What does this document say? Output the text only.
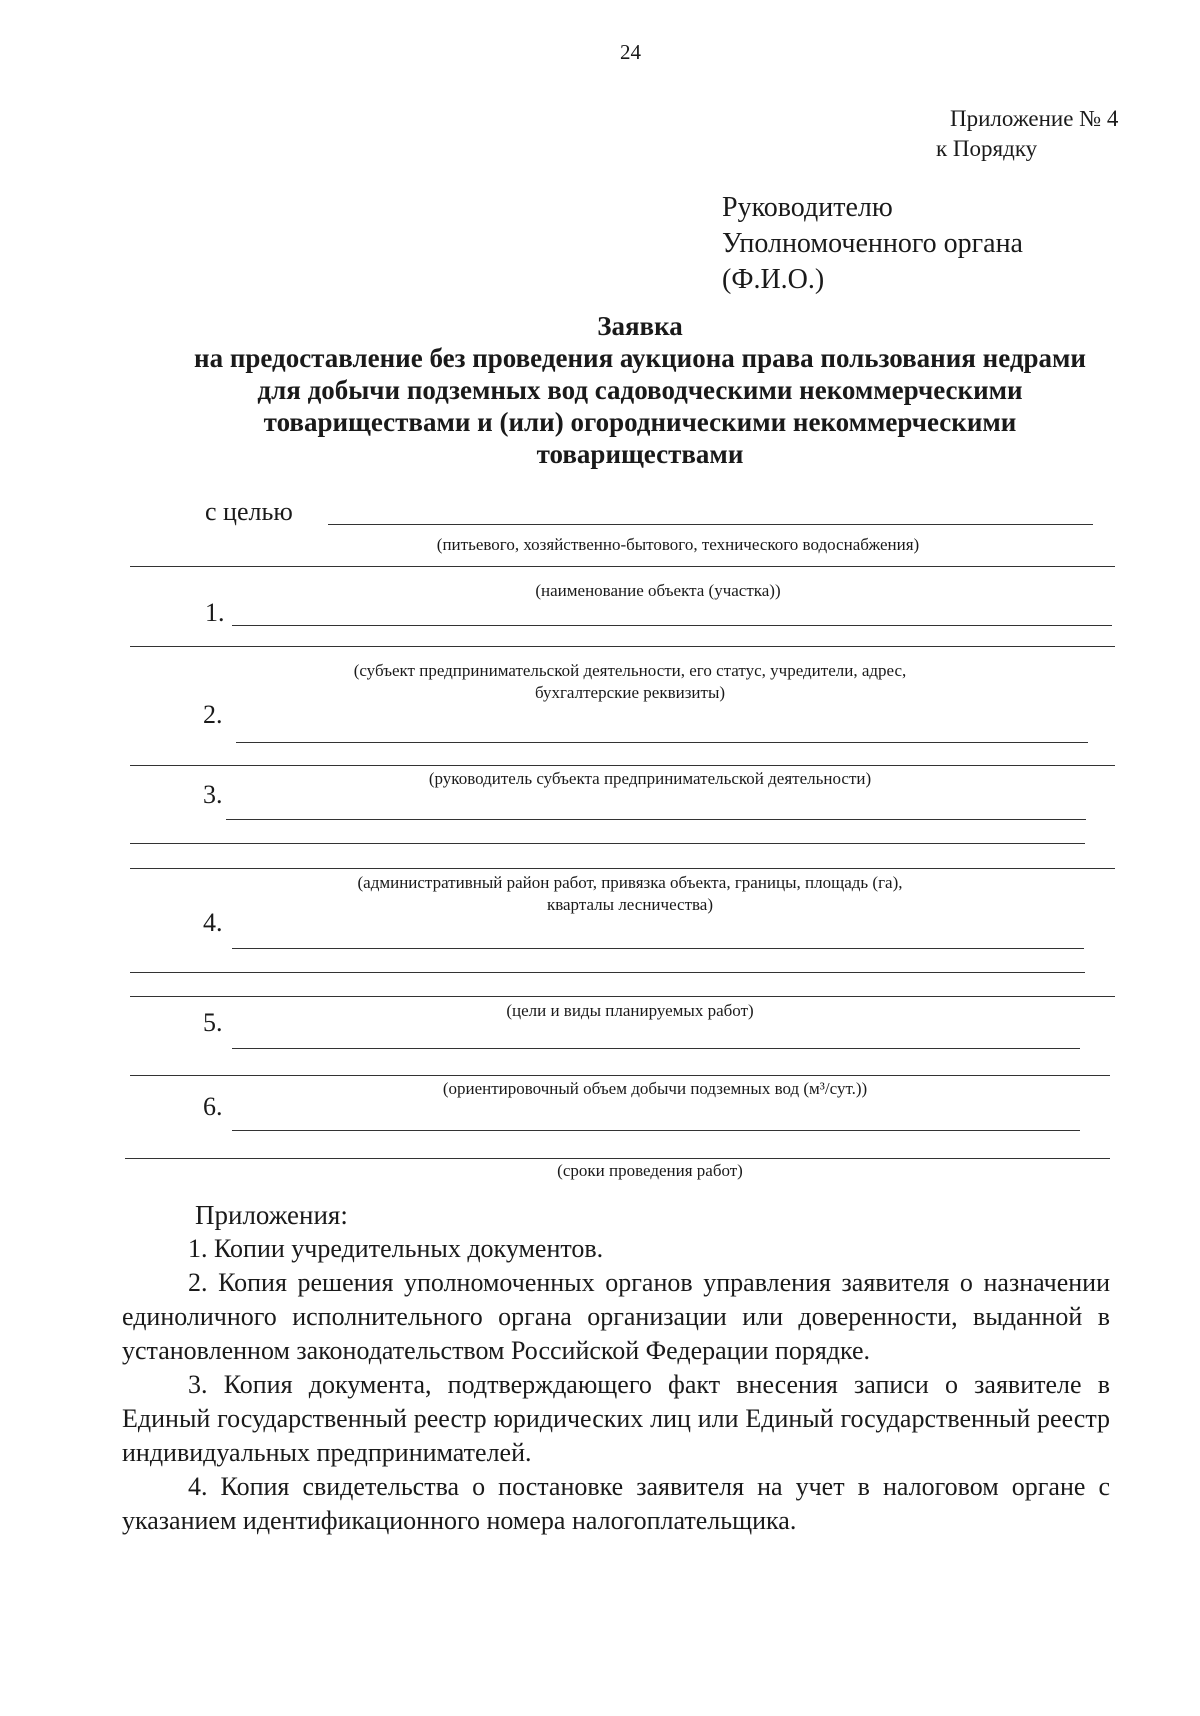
24
Приложение № 4
к Порядку
Руководителю
Уполномоченного органа
(Ф.И.О.)
Заявка
на предоставление без проведения аукциона права пользования недрами
для добычи подземных вод садоводческими некоммерческими
товариществами и (или) огородническими некоммерческими
товариществами
с целью
(питьевого, хозяйственно-бытового, технического водоснабжения)
(наименование объекта (участка))
1.
(субъект предпринимательской деятельности, его статус, учредители, адрес,
бухгалтерские реквизиты)
2.
(руководитель субъекта предпринимательской деятельности)
3.
(административный район работ, привязка объекта, границы, площадь (га),
кварталы лесничества)
4.
(цели и виды планируемых работ)
5.
(ориентировочный объем добычи подземных вод (м³/сут.))
6.
(сроки проведения работ)

Приложения:

1. Копии учредительных документов.

2. Копия решения уполномоченных органов управления заявителя о назначении единоличного исполнительного органа организации или доверенности, выданной в установленном законодательством Российской Федерации порядке.

3. Копия документа, подтверждающего факт внесения записи о заявителе в Единый государственный реестр юридических лиц или Единый государственный реестр индивидуальных предпринимателей.

4. Копия свидетельства о постановке заявителя на учет в налоговом органе с указанием идентификационного номера налогоплательщика.
